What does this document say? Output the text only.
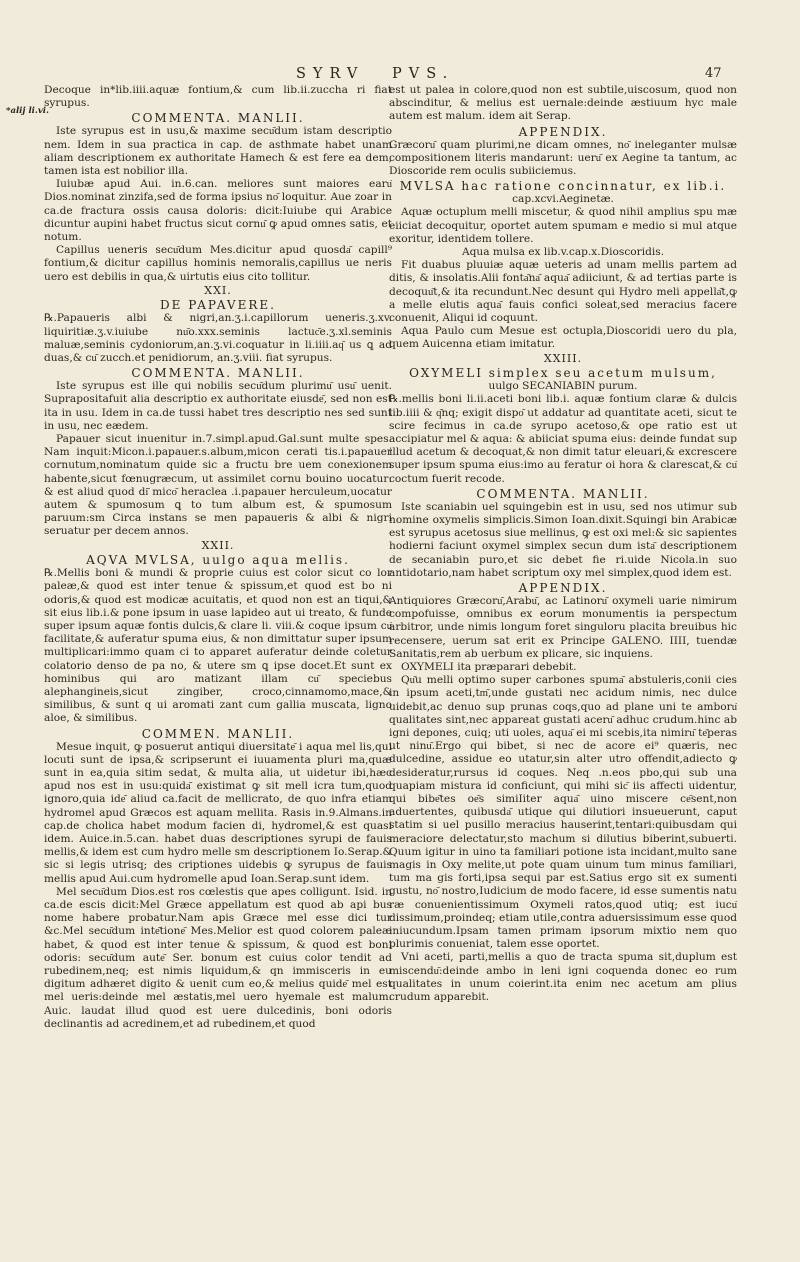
SYRV PVS.	47
*alij li.vi.

Decoque in*lib.iiii.aquæ fontium,& cum lib.ii.zuccha ri fiat syrupus.

COMMENTA. MANLII.

Iste syrupus est in usu,& maxime secu͂dum istam descriptio nem. Idem in sua practica in cap. de asthmate habet unam aliam descriptionem ex authoritate Hamech & est fere ea dem, tamen ista est nobilior illa.

Iuiubæ apud Aui. in.6.can. meliores sunt maiores earu͂ Dios.nominat zinzifa,sed de forma ipsius no͂ loquitur. Aue zoar in ca.de fractura ossis causa doloris: dicit:Iuiube qui Arabice dicuntur aupini habet fructus sicut cornu͂ ꝙ apud omnes satis, et notum.

Capillus ueneris secu͂dum Mes.dicitur apud quosda͂ capill⁹ fontium,& dicitur capillus hominis nemoralis,capillus ue neris uero est debilis in qua,& uirtutis eius cito tollitur.

XXI.

DE PAPAVERE.

℞.Papaueris albi & nigri,an.ʒ.i.capillorum ueneris.ʒ.xv. liquiritiæ.ʒ.v.iuiube nu͂o.xxx.seminis lactuc͂e.ʒ.xl.seminis maluæ,seminis cydoniorum,an.ʒ.vi.coquatur in li.iiii.aq͂ us ꝗ ad duas,& cu͂ zucch.et penidiorum, an.ʒ.viii. fiat syrupus.

COMMENTA. MANLII.

Iste syrupus est ille qui nobilis secu͂dum plurimu͂ usu͂ uenit. Suprapositafuit alia descriptio ex authoritate eiusde͂, sed non est ita in usu. Idem in ca.de tussi habet tres descriptio nes sed sunt in usu, nec eædem.

Papauer sicut inuenitur in.7.simpl.apud.Gal.sunt multe spes. Nam inquit:Micon.i.papauer.s.album,micon cerati tis.i.papauer cornutum,nominatum quide sic a fructu bre uem conexionem habente,sicut fœnugræcum, ut assimilet cornu bouino uocatur: & est aliud quod di͂ mico͂ heraclea .i.papauer herculeum,uocatur autem & spumosum ꝗ to tum album est, & spumosum paruum:sm Circa instans se men papaueris & albi & nigri seruatur per decem annos.

XXII.

AQVA MVLSA, uulgo aqua mellis.

℞.Mellis boni & mundi & proprie cuius est color sicut co lor paleæ,& quod est inter tenue & spissum,et quod est bo ni odoris,& quod est modicæ acuitatis, et quod non est an tiqui,& sit eius lib.i.& pone ipsum in uase lapideo aut ui treato, & funde super ipsum aquæ fontis dulcis,& clare li. viii.& coque ipsum cu͂ facilitate,& auferatur spuma eius, & non dimittatur super ipsum multiplicari:immo quam ci to apparet auferatur deinde coletur colatorio denso de pa no, & utere sm ꝗ ipse docet.Et sunt ex hominibus qui aro matizant illam cu͂ speciebus alephangineis,sicut zingiber, croco,cinnamomo,mace,& similibus, & sunt q ui aromati zant cum gallia muscata, ligno aloe, & similibus.

COMMEN. MANLII.

Mesue inquit, ꝙ posuerut antiqui diuersitate͂ i aqua mel lis,qui locuti sunt de ipsa,& scripserunt ei iuuamenta pluri ma,quæ sunt in ea,quia sitim sedat, & multa alia, ut uidetur ibi,hæc apud nos est in usu:quida͂ existimat ꝙ sit mell icra tum,quod ignoro,quia ide͂ aliud ca.facit de mellicrato, de quo infra etiam hydromel apud Græcos est aquam mellita. Rasis in.9.Almans.in cap.de cholica habet modum facien di, hydromel,& est quasi idem. Auice.in.5.can. habet duas descriptiones syrupi de fauis mellis,& idem est cum hydro melle sm descriptionem Io.Serap.& sic si legis utrisq; des criptiones uidebis ꝙ syrupus de fauis mellis apud Aui.cum hydromelle apud Ioan.Serap.sunt idem.

Mel secu͂dum Dios.est ros cœlestis que apes colligunt. Isid. in ca.de escis dicit:Mel Græce appellatum est quod ab api bus nome habere probatur.Nam apis Græce mel esse dici tur &c.Mel secu͂dum inte͂tione͂ Mes.Melior est quod colorem paleæ habet, & quod est inter tenue & spissum, & quod est boni odoris: secu͂dum aute͂ Ser. bonum est cuius color tendit ad rubedinem,neq; est nimis liquidum,& qn immisceris in eu digitum adhæret digito & uenit cum eo,& melius quide͂ mel est mel ueris:deinde mel æstatis,mel uero hyemale est malum. Auic. laudat illud quod est uere dulcedinis, boni odoris declinantis ad acredinem,et ad rubedinem,et quod

est ut palea in colore,quod non est subtile,uiscosum, quod non abscinditur, & melius est uernale:deinde æstiuum hyc male autem est malum. idem ait Serap.

APPENDIX.

Græcoru͂ quam plurimi,ne dicam omnes, no͂ ineleganter mulsæ compositionem literis mandarunt: ueru͂ ex Aegine ta tantum, ac Dioscoride rem oculis subiiciemus.

MVLSA hac ratione concinnatur, ex lib.i.

cap.xcvi.Aeginetæ.

Aquæ octuplum melli miscetur, & quod nihil amplius spu mæ eiiciat decoquitur, oportet autem spumam e medio si mul atque exoritur, identidem tollere.

Aqua mulsa ex lib.v.cap.x.Dioscoridis.

Fit duabus pluuiæ aquæ ueteris ad unam mellis partem ad ditis, & insolatis.Alii fonta͂na͂ aqua͂ adiiciunt, & ad tertias parte is decoquu͂t,& ita recundunt.Nec desunt qui Hydro meli appella͂t,ꝙ a melle elutis aqua͂ fauis confici soleat,sed meracius facere conuenit, Aliqui id coquunt.

Aqua Paulo cum Mesue est octupla,Dioscoridi uero du pla, quem Auicenna etiam imitatur.

XXIII.

OXYMELI simplex seu acetum mulsum,

uulgo SECANIABIN purum.

℞.mellis boni li.ii.aceti boni lib.i. aquæ fontium claræ & dulcis lib.iiii & q͂nq; exigit dispo͂ ut addatur ad quantitate aceti, sicut te scire fecimus in ca.de syrupo acetoso,& ope ratio est ut accipiatur mel & aqua: & abiiciat spuma eius: deinde fundat sup illud acetum & decoquat,& non dimit tatur eleuari,& excrescere super ipsum spuma eius:imo au feratur oi hora & clarescat,& cu͂ coctum fuerit recode.

COMMENTA. MANLII.

Iste scaniabin uel squingebin est in usu, sed nos utimur sub nomine oxymelis simplicis.Simon Ioan.dixit.Squingi bin Arabicæ est syrupus acetosus siue mellinus, ꝙ est oxi mel:& sic sapientes hodierni faciunt oxymel simplex secun dum ista͂ descriptionem de secaniabin puro,et sic debet fie ri.uide Nicola.in suo antidotario,nam habet scriptum oxy mel simplex,quod idem est.

APPENDIX.

Antiquiores Græcoru͂,Arabu͂, ac Latinoru͂ oxymeli uarie nimirum compofuisse, omnibus ex eorum monumentis ia perspectum arbitror, unde nimis longum foret singuloru placita breuibus hic recensere, uerum sat erit ex Principe GALENO. IIII, tuendæ Sanitatis,rem ab uerbum ex plicare, sic inquiens.

OXYMELI ita præparari debebit.

Qu͂u melli optimo super carbones spuma͂ abstuleris,conii cies in ipsum aceti,tm͂,unde gustati nec acidum nimis, nec dulce uidebit,ac denuo sup prunas coqs,quo ad plane uni te amboru͂ qualitates sint,nec appareat gustati aceru͂ adhuc crudum.hinc ab igni depones, cuiq; uti uoles, aqua͂ ei mi scebis,ita nimiru͂ te͂peras ut ninu͂.Ergo qui bibet, si nec de acore ei⁹ quæris, nec dulcedine, assidue eo utatur,sin alter utro offendit,adiecto ꝙ desideratur,rursus id coques. Neq .n.eos pbo,qui sub una quapiam mistura id conficiunt, qui mihi sic͂ iis affecti uidentur, qui bibe͂tes oe͂s simiIiter aqua͂ uino miscere ce͂sent,non aduertentes, quibusda͂ utique qui dilutiori insueuerunt, caput statim si uel pusillo meracius hauserint,tentari:quibusdam qui meraciore delectatur,sto machum si dilutius biberint,subuerti. Quum igitur in uino ta familiari potione ista incidant,multo sane magis in Oxy melite,ut pote quam uinum tum minus familiari, tum ma gis forti,ipsa sequi par est.Satius ergo sit ex sumenti gustu, no͂ nostro,Iudicium de modo facere, id esse sumentis natu ræ conuenientissimum Oxymeli ratos,quod utiq; est iucu͂ dissimum,proindeq; etiam utile,contra aduersissimum esse quod iniucundum.Ipsam tamen primam ipsorum mixtio nem quo plurimis conueniat, talem esse oportet.

Vni aceti, parti,mellis a quo de tracta spuma sit,duplum est miscendu͂:deinde ambo in leni igni coquenda donec eo rum qualitates in unum coierint.ita enim nec acetum am plius crudum apparebit.
